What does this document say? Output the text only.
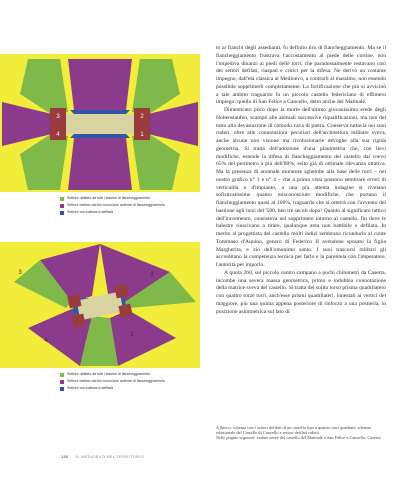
3	2
4	1
Settore defilato da tutti i sistemi di fiancheggiamento
Settore battuto dal tiro incrociato radente di fiancheggiamento
Settore con battuta a defilata
3	2
4
1
Settore defilato da tutti i sistemi di fiancheggiamento
Settore battuto dal tiro incrociato radente di fiancheggiamento
Settore con battuta a defilata

to ai fianchi degli assedianti, fu definito tiro di fiancheggiamento. Ma se il fiancheggiamento frustrava l'accostamento al piede delle cortine, non l'impediva dinanzi ai piedi delle torri, che paradossalmente restavano così dei settori defilati, riaspati e critici per la difesa. Ne derivò un costante impegno, dall'età classica al Medioevo, a contrarli al massimo, non essendo possibile sopprimerli completamente. La fortificazione che più si avvicinò a tale ambito traguardo fu un piccolo castello federiciano di effimero impiego: quello di San Felice a Cancello, detto anche del Matinale.

Dimenticato poco dopo la morte dell'ultimo giovanissimo erede degli Hohenstaufen, scampò alle abituali successive riqualificazioni, ma non del tutto alla devastazione di comodo cava di pietra. Conserva tuttavia nei suoi ruderi, oltre alle connotazioni peculiari dell'architettura militare sveva, anche alcune non visione ma rivoluzionarie devoghe alla sua rigida geometria. Si tratta dell'adozione d'una planimetria che, con lievi modifiche, estende la difesa di fiancheggiamento del castello dal coevo 65% del perimetro a più dell'80%, esito già di ottimale rilevanza ottativa. Ma la presenza di anomale murature sghembe alla base delle torri – nel nostro grafico n° 1 e n° 4 – che a prima vista possono sembrare errori di verticalità o d'impianto, a una più attenta indagine si rivelano sofisticatissime quanto misconosciute modifiche, che portano il fiancheggiamento quasi al 100%, traguardo che si otterrà con l'avvento del bastione agli inizi del '500, ben tre secoli dopo! Quanto al significato tattico dell'incremento, consisteva nel sopprimere intorno al castello, fin dove le balestre riuscivano a tirare, qualunque area non battibile o defilata. In merito al progettista del castello molti indizi sembrano ricondurlo al conte Tommaso d'Aquino, genero di Federico II avendone sposato la figlia Margherita, e zio dell'omonimo santo. I suoi trascorsi militari gli accreditano la competenza tecnica per farlo e la parentela con l'imperatore, l'autorità per imporlo.

A quota 260, sul piccolo centro campano a pochi chilometri da Caserta, incombe una severa massa geometrica, primo e indubbia connotazione della matrice sveva del castello. Si tratta del solito torso prisma quadrilatero con quattro torze torri, anch'esse prismi quadrilateri, innestati ai vertici del maggiore, più una quinta appena posteriore di rinforzo a una postierla, in posizione asimmetrica sul lato di

A fianco, schema con i settori defilati di un castello tipo a quattro torri quadrate; schema relazionale del Castello di Cancello a settori defilati ridotti.

Nelle pagine seguenti: vedute aeree del castello del Matinale a San Felice a Cancello, Caserta.

186 IL MEDIOEVO NEL TERRITORIO
